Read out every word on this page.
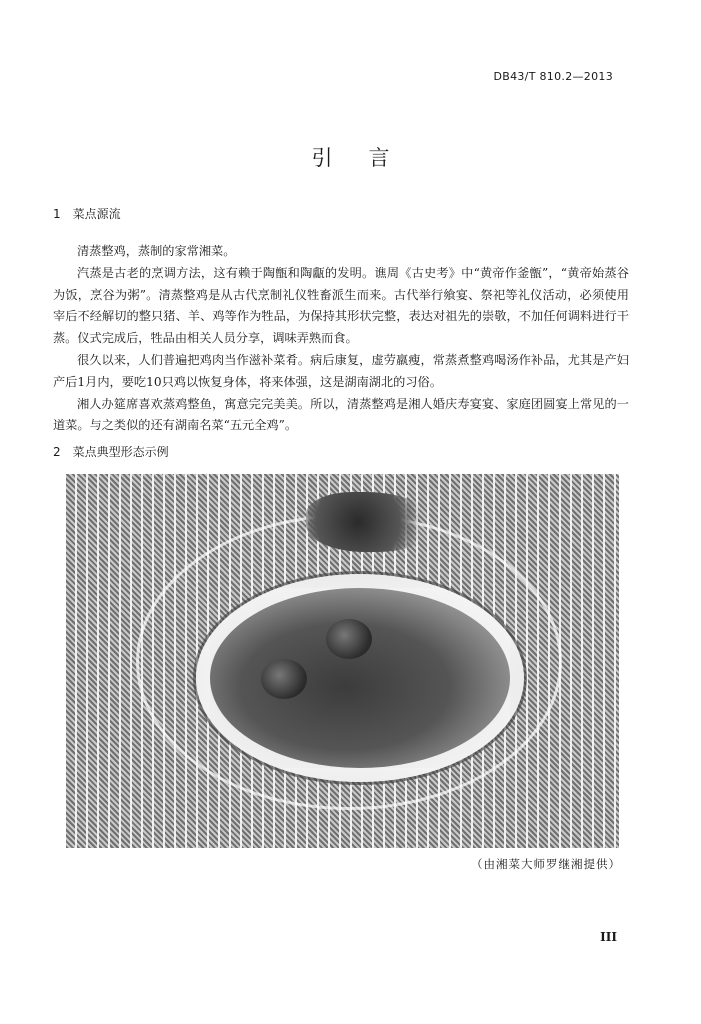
DB43/T 810.2—2013
引言
1 菜点源流

清蒸整鸡，蒸制的家常湘菜。

汽蒸是古老的烹调方法，这有赖于陶甑和陶甗的发明。谯周《古史考》中“黄帝作釜甑”，“黄帝始蒸谷为饭，烹谷为粥”。清蒸整鸡是从古代烹制礼仪牲畜派生而来。古代举行飨宴、祭祀等礼仪活动，必须使用宰后不经解切的整只猪、羊、鸡等作为牲品，为保持其形状完整，表达对祖先的崇敬，不加任何调料进行干蒸。仪式完成后，牲品由相关人员分享，调味弄熟而食。

很久以来，人们普遍把鸡肉当作滋补菜肴。病后康复，虚劳羸瘦，常蒸煮整鸡喝汤作补品，尤其是产妇产后1月内，要吃10只鸡以恢复身体，将来体强，这是湖南湖北的习俗。

湘人办筵席喜欢蒸鸡整鱼，寓意完完美美。所以，清蒸整鸡是湘人婚庆寿宴宴、家庭团圆宴上常见的一道菜。与之类似的还有湖南名菜“五元全鸡”。

2 菜点典型形态示例
（由湘菜大师罗继湘提供）
III
